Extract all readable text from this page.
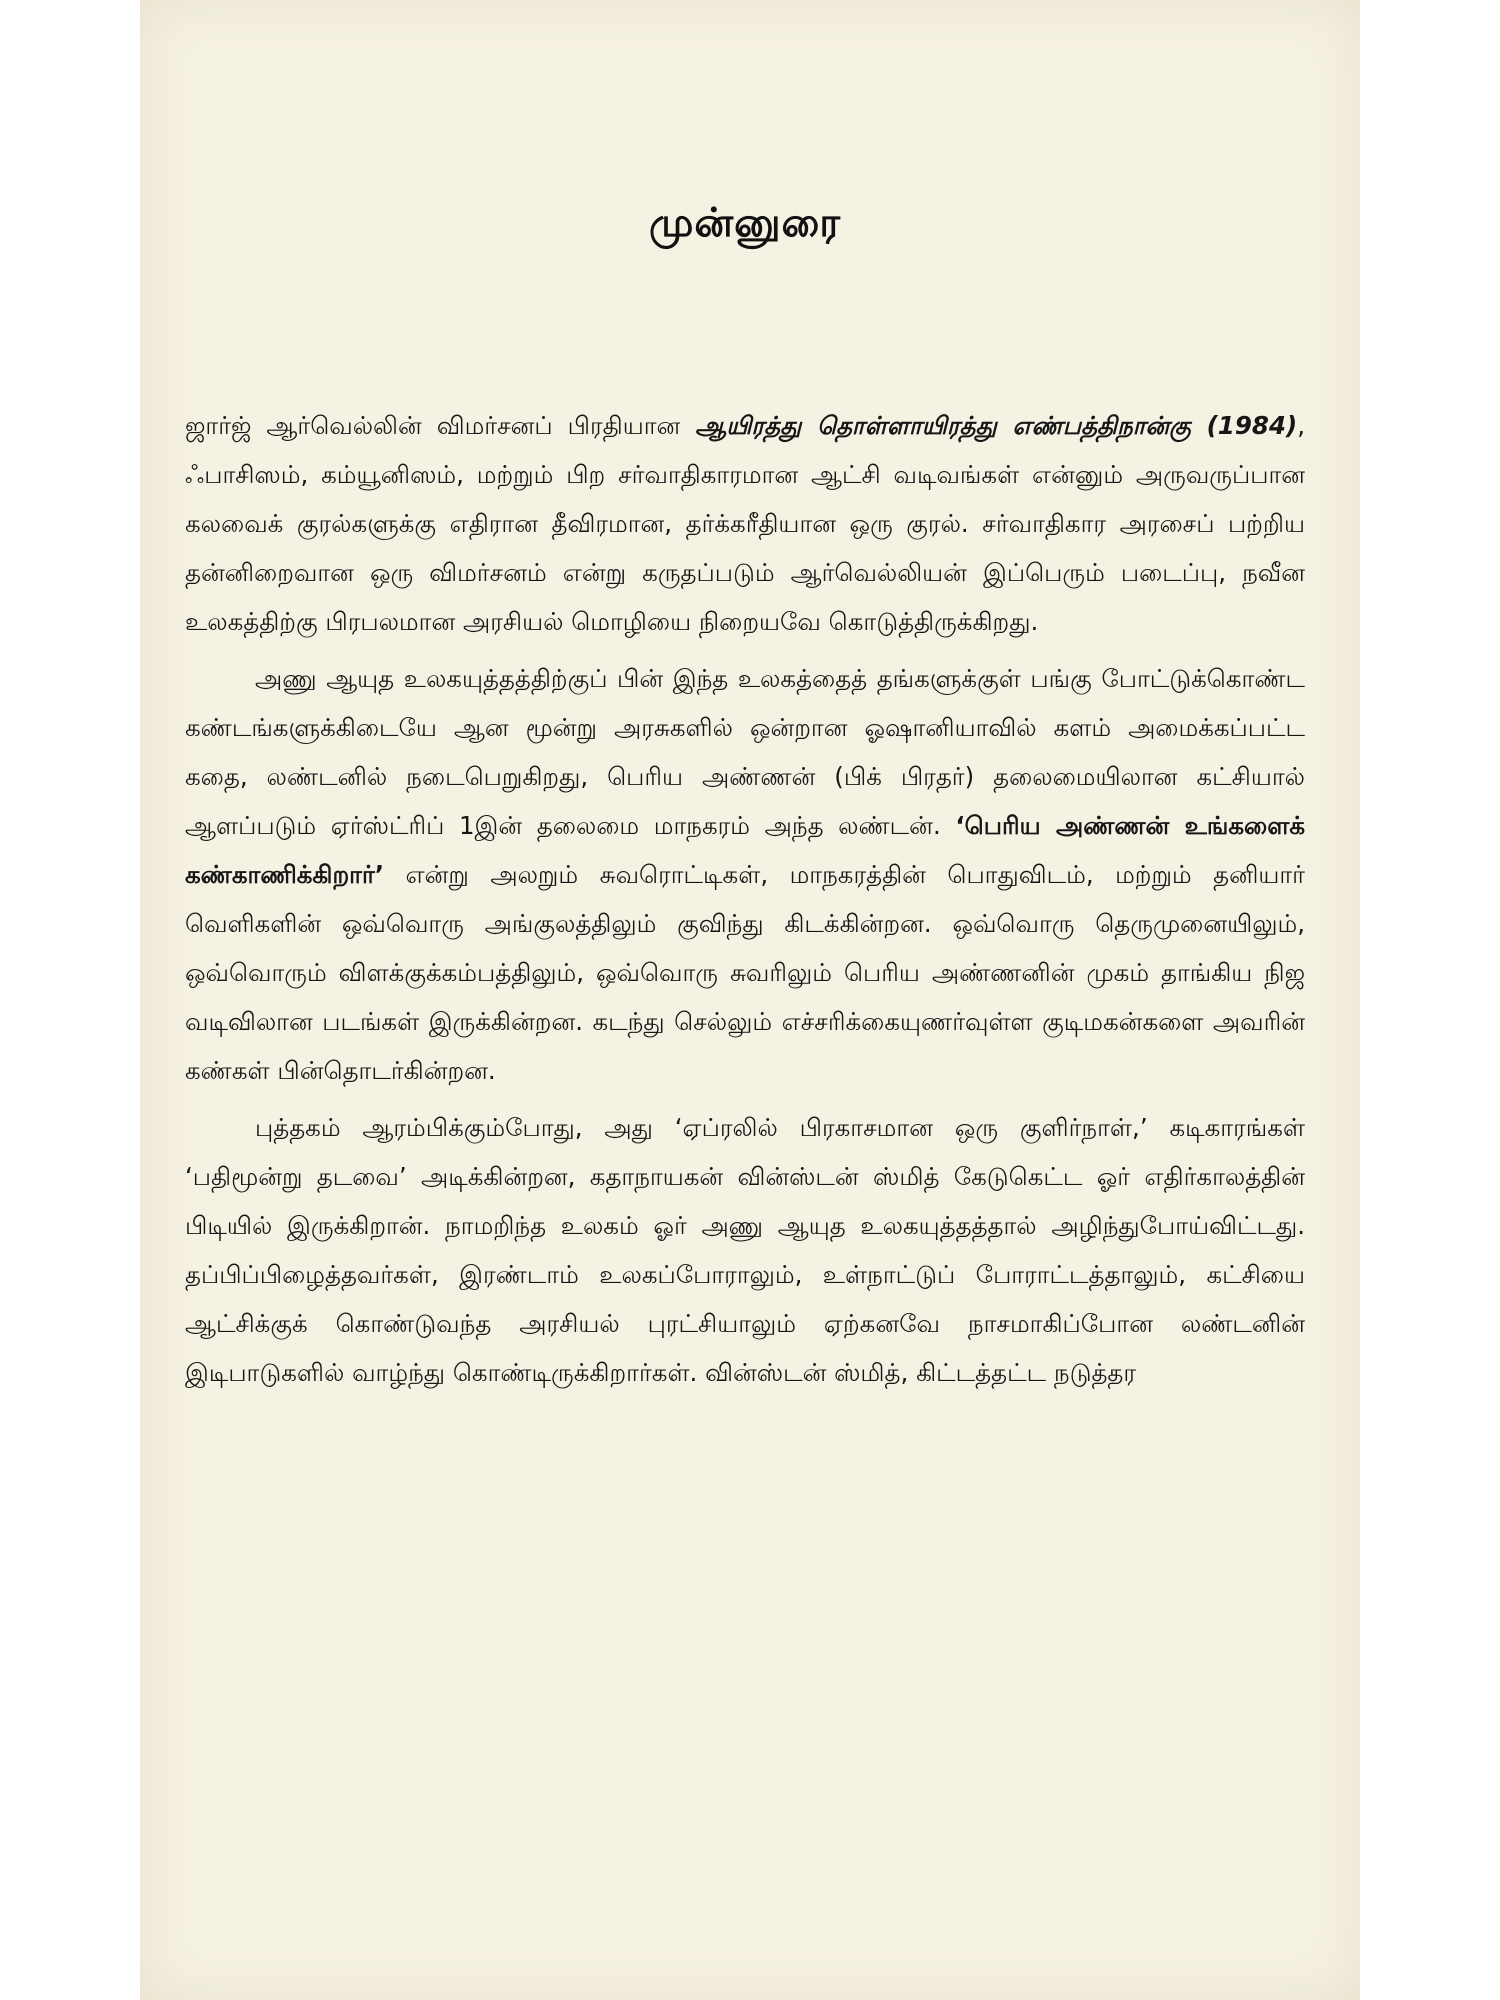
முன்னுரை

ஜார்ஜ் ஆர்வெல்லின் விமர்சனப் பிரதியான ஆயிரத்து தொள்ளாயிரத்து எண்பத்திநான்கு (1984), ஃபாசிஸம், கம்யூனிஸம், மற்றும் பிற சர்வாதிகாரமான ஆட்சி வடிவங்கள் என்னும் அருவருப்பான கலவைக் குரல்களுக்கு எதிரான தீவிரமான, தர்க்கரீதியான ஒரு குரல். சர்வாதிகார அரசைப் பற்றிய தன்னிறைவான ஒரு விமர்சனம் என்று கருதப்படும் ஆர்வெல்லியன் இப்பெரும் படைப்பு, நவீன உலகத்திற்கு பிரபலமான அரசியல் மொழியை நிறையவே கொடுத்திருக்கிறது.

அணு ஆயுத உலகயுத்தத்திற்குப் பின் இந்த உலகத்தைத் தங்களுக்குள் பங்கு போட்டுக்கொண்ட கண்டங்களுக்கிடையே ஆன மூன்று அரசுகளில் ஒன்றான ஓஷானியாவில் களம் அமைக்கப்பட்ட கதை, லண்டனில் நடைபெறுகிறது, பெரிய அண்ணன் (பிக் பிரதர்) தலைமையிலான கட்சியால் ஆளப்படும் ஏர்ஸ்ட்ரிப் 1இன் தலைமை மாநகரம் அந்த லண்டன். ‘பெரிய அண்ணன் உங்களைக் கண்காணிக்கிறார்’ என்று அலறும் சுவரொட்டிகள், மாநகரத்தின் பொதுவிடம், மற்றும் தனியார் வெளிகளின் ஒவ்வொரு அங்குலத்திலும் குவிந்து கிடக்கின்றன. ஒவ்வொரு தெருமுனையிலும், ஒவ்வொரும் விளக்குக்கம்பத்திலும், ஒவ்வொரு சுவரிலும் பெரிய அண்ணனின் முகம் தாங்கிய நிஜ வடிவிலான படங்கள் இருக்கின்றன. கடந்து செல்லும் எச்சரிக்கையுணர்வுள்ள குடிமகன்களை அவரின் கண்கள் பின்தொடர்கின்றன.

புத்தகம் ஆரம்பிக்கும்போது, அது ‘ஏப்ரலில் பிரகாசமான ஒரு குளிர்நாள்,’ கடிகாரங்கள் ‘பதிமூன்று தடவை’ அடிக்கின்றன, கதாநாயகன் வின்ஸ்டன் ஸ்மித் கேடுகெட்ட ஓர் எதிர்காலத்தின் பிடியில் இருக்கிறான். நாமறிந்த உலகம் ஓர் அணு ஆயுத உலகயுத்தத்தால் அழிந்துபோய்விட்டது. தப்பிப்பிழைத்தவர்கள், இரண்டாம் உலகப்போராலும், உள்நாட்டுப் போராட்டத்தாலும், கட்சியை ஆட்சிக்குக் கொண்டுவந்த அரசியல் புரட்சியாலும் ஏற்கனவே நாசமாகிப்போன லண்டனின் இடிபாடுகளில் வாழ்ந்து கொண்டிருக்கிறார்கள். வின்ஸ்டன் ஸ்மித், கிட்டத்தட்ட நடுத்தர
